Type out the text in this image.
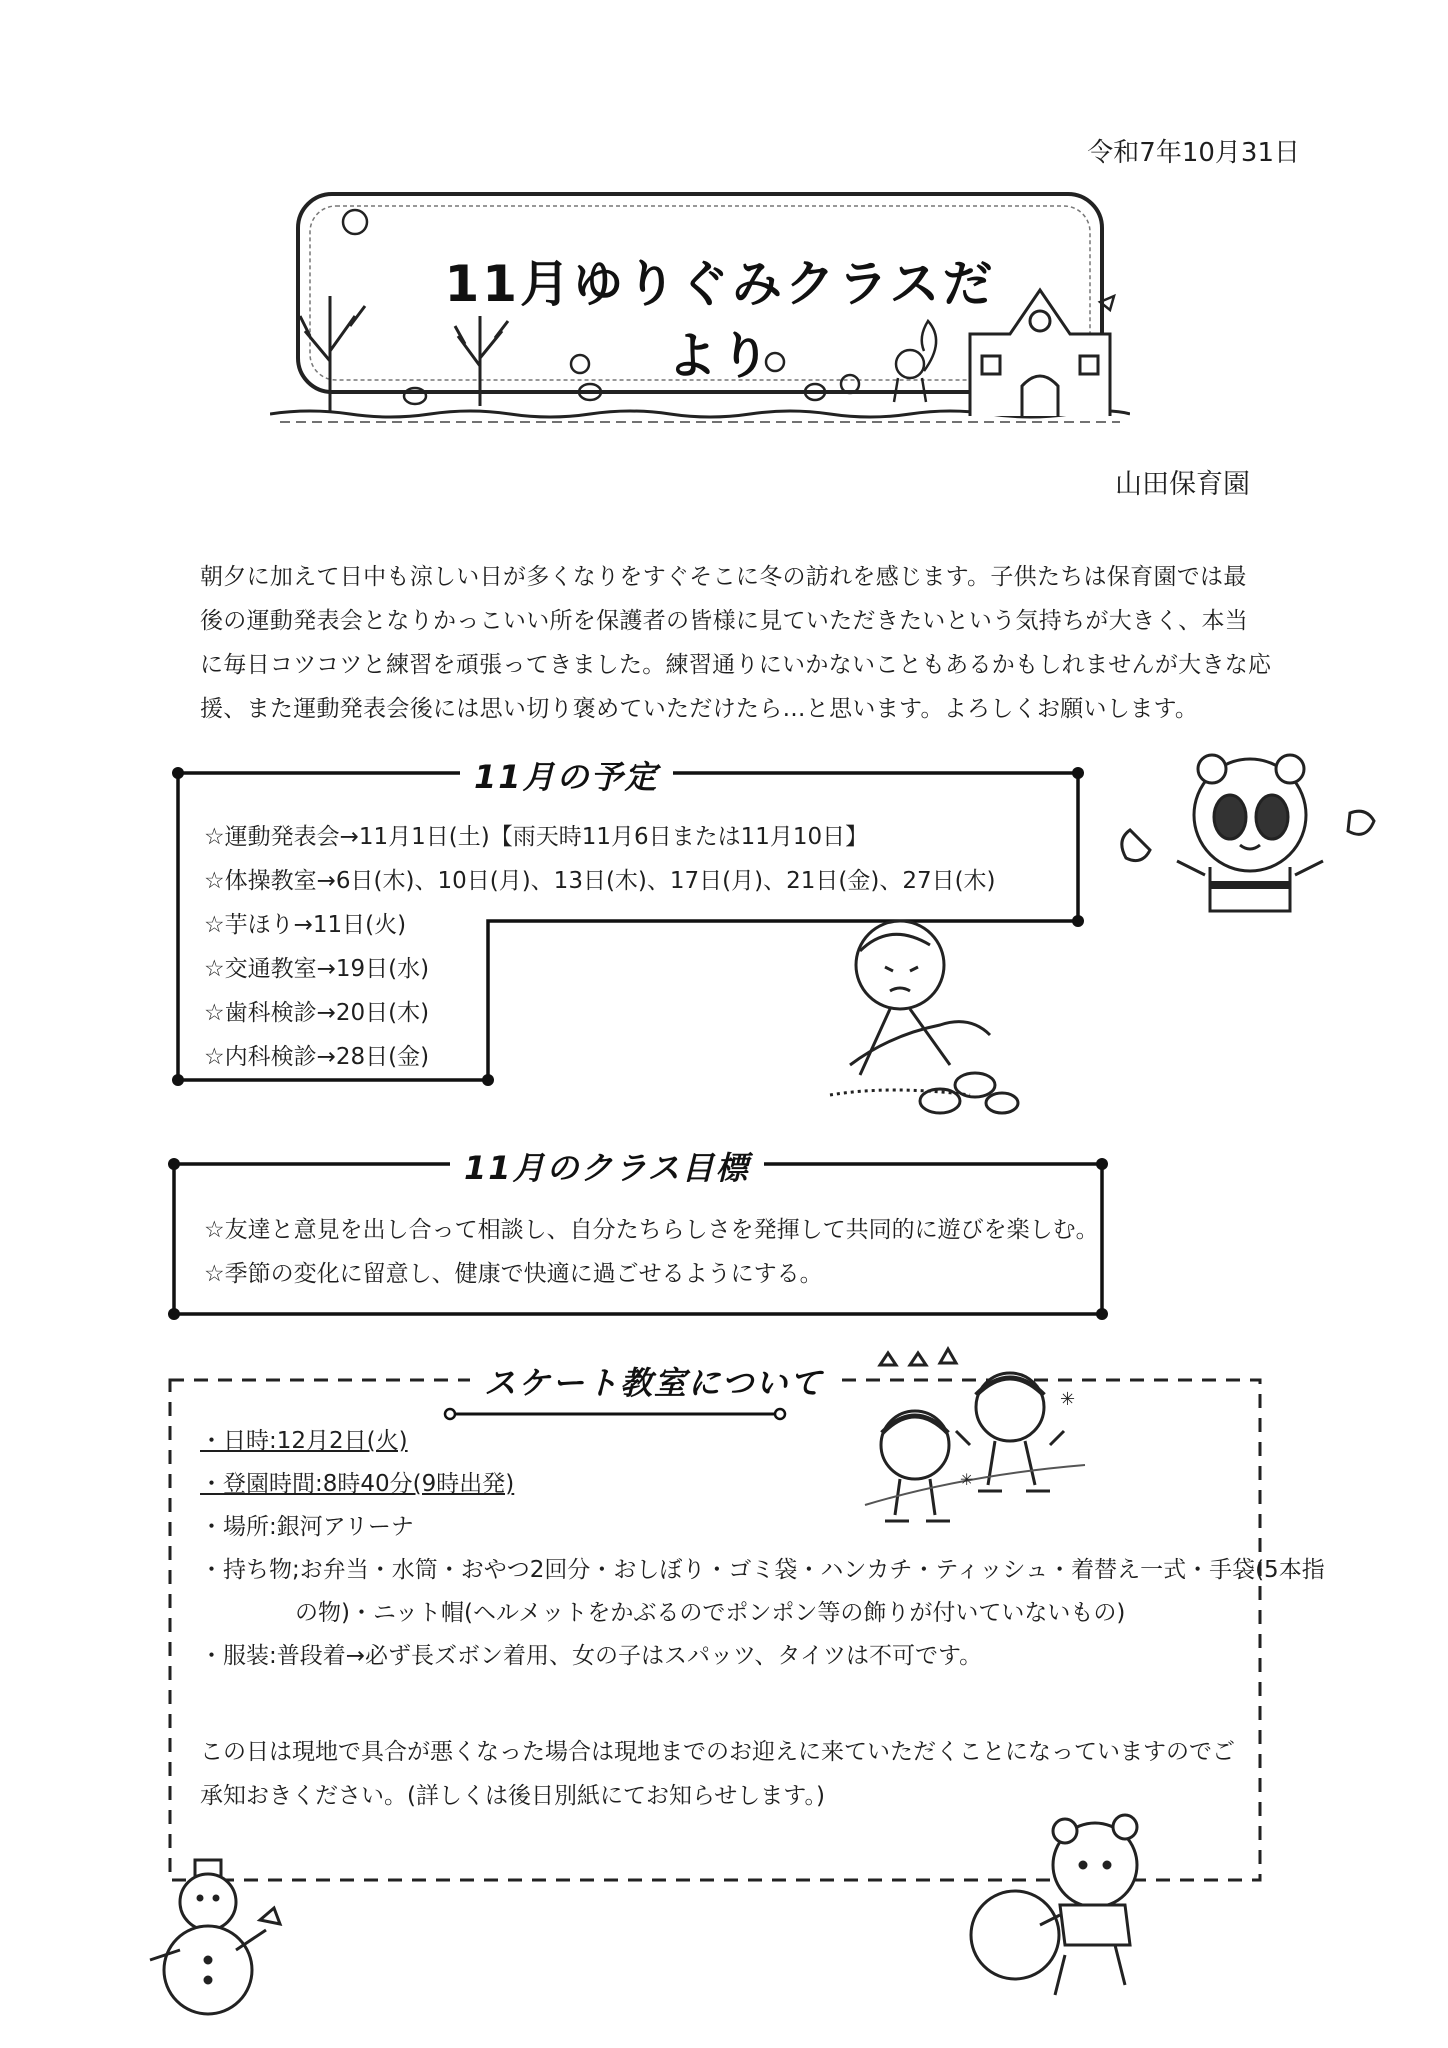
令和7年10月31日
11月ゆりぐみクラスだより
山田保育園

朝夕に加えて日中も涼しい日が多くなりをすぐそこに冬の訪れを感じます。子供たちは保育園では最

後の運動発表会となりかっこいい所を保護者の皆様に見ていただきたいという気持ちが大きく、本当

に毎日コツコツと練習を頑張ってきました。練習通りにいかないこともあるかもしれませんが大きな応

援、また運動発表会後には思い切り褒めていただけたら…と思います。よろしくお願いします。

11月の予定

☆運動発表会→11月1日(土)【雨天時11月6日または11月10日】

☆体操教室→6日(木)、10日(月)、13日(木)、17日(月)、21日(金)、27日(木)

☆芋ほり→11日(火)

☆交通教室→19日(水)

☆歯科検診→20日(木)

☆内科検診→28日(金)

11月のクラス目標

☆友達と意見を出し合って相談し、自分たちらしさを発揮して共同的に遊びを楽しむ。

☆季節の変化に留意し、健康で快適に過ごせるようにする。

スケート教室について	✳
✳

・日時:12月2日(火)

・登園時間:8時40分(9時出発)

・場所:銀河アリーナ

・持ち物;お弁当・水筒・おやつ2回分・おしぼり・ゴミ袋・ハンカチ・ティッシュ・着替え一式・手袋(5本指

の物)・ニット帽(ヘルメットをかぶるのでポンポン等の飾りが付いていないもの)

・服装:普段着→必ず長ズボン着用、女の子はスパッツ、タイツは不可です。

この日は現地で具合が悪くなった場合は現地までのお迎えに来ていただくことになっていますのでご

承知おきください。(詳しくは後日別紙にてお知らせします。)
